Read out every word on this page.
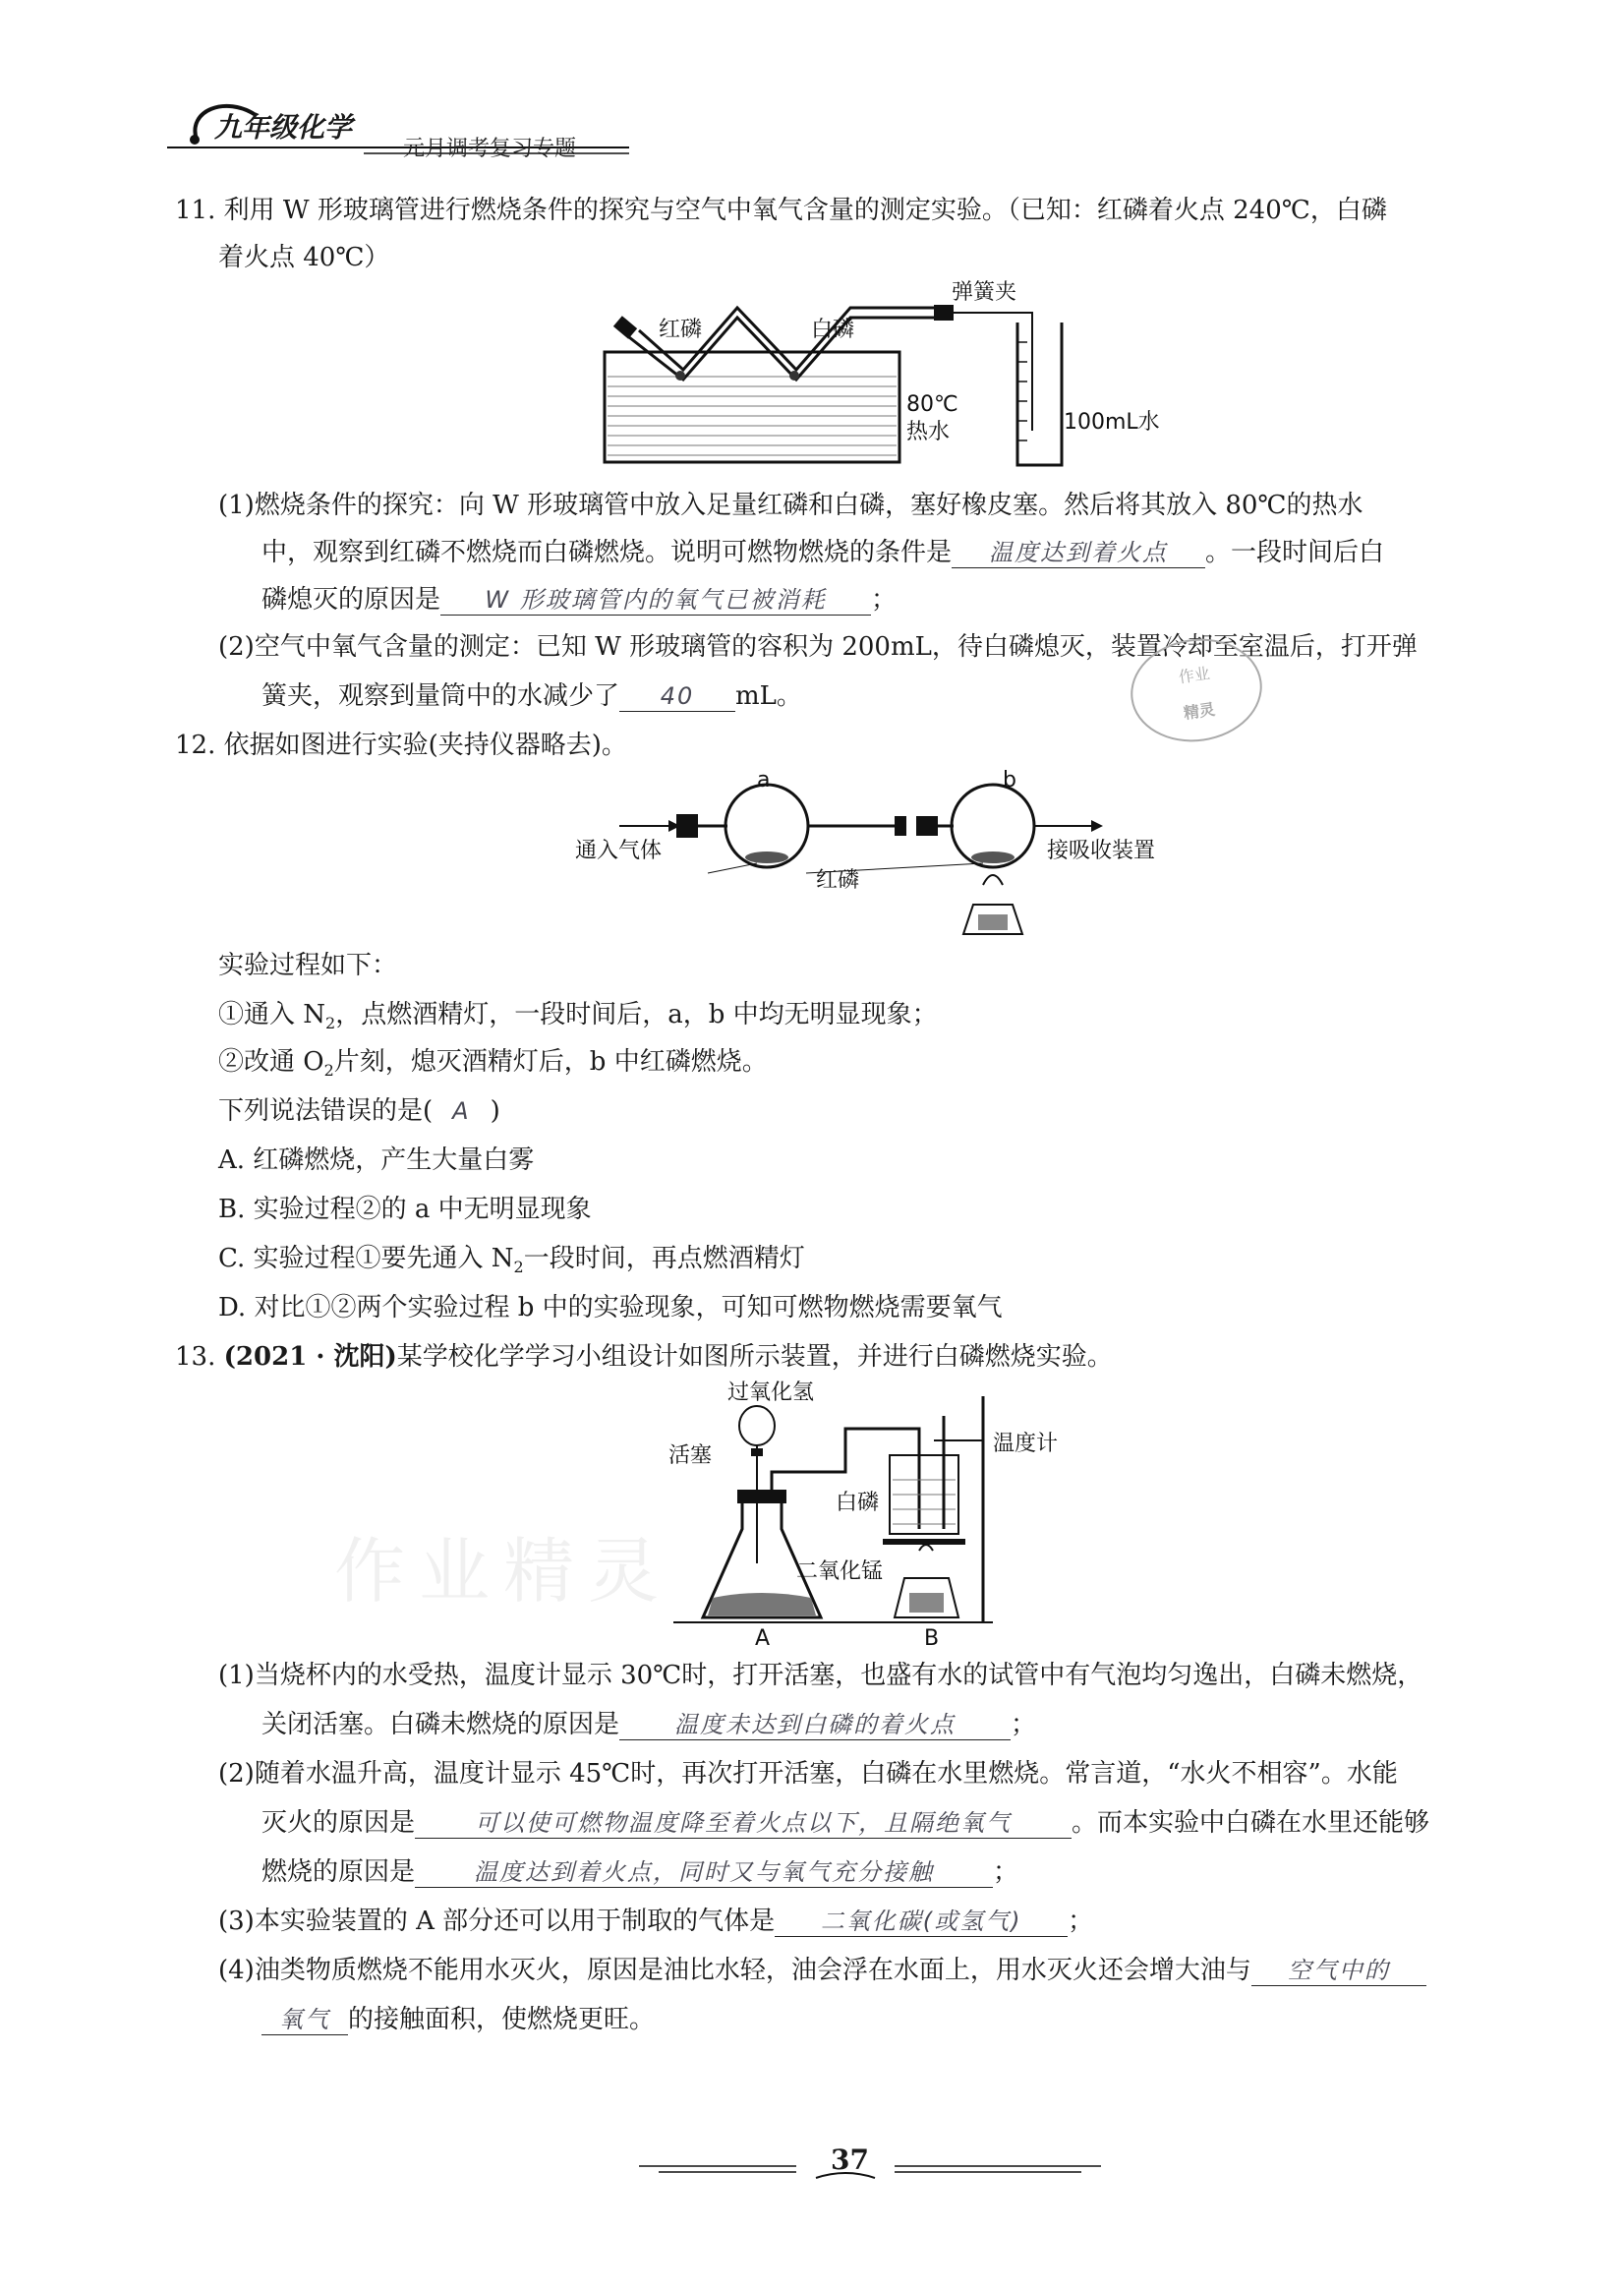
九年级化学
元月调考复习专题
11. 利用 W 形玻璃管进行燃烧条件的探究与空气中氧气含量的测定实验。（已知：红磷着火点 240℃，白磷
着火点 40℃）
红磷	白磷
弹簧夹
80℃
热水	100mL水
(1)燃烧条件的探究：向 W 形玻璃管中放入足量红磷和白磷，塞好橡皮塞。然后将其放入 80℃的热水
中，观察到红磷不燃烧而白磷燃烧。说明可燃物燃烧的条件是 温度达到着火点 。一段时间后白
磷熄灭的原因是 W 形玻璃管内的氧气已被消耗 ；
(2)空气中氧气含量的测定：已知 W 形玻璃管的容积为 200mL，待白磷熄灭，装置冷却至室温后，打开弹
簧夹，观察到量筒中的水减少了 40 mL。
作业
精灵
12. 依据如图进行实验(夹持仪器略去)。
a	b
通入气体	接吸收装置
红磷
实验过程如下：
①通入 $N_2$，点燃酒精灯，一段时间后，a，b 中均无明显现象；
②改通 $O_2$片刻，熄灭酒精灯后，b 中红磷燃烧。
下列说法错误的是( A )
A. 红磷燃烧，产生大量白雾
B. 实验过程②的 a 中无明显现象
C. 实验过程①要先通入 $N_2$一段时间，再点燃酒精灯
D. 对比①②两个实验过程 b 中的实验现象，可知可燃物燃烧需要氧气
13. (2021 · 沈阳)某学校化学学习小组设计如图所示装置，并进行白磷燃烧实验。
过氧化氢
活塞
白磷
温度计
二氧化锰
A	B
作业精灵
(1)当烧杯内的水受热，温度计显示 30℃时，打开活塞，也盛有水的试管中有气泡均匀逸出，白磷未燃烧，
关闭活塞。白磷未燃烧的原因是 温度未达到白磷的着火点 ；
(2)随着水温升高，温度计显示 45℃时，再次打开活塞，白磷在水里燃烧。常言道，“水火不相容”。水能
灭火的原因是	可以使可燃物温度降至着火点以下，且隔绝氧气 。而本实验中白磷在水里还能够
燃烧的原因是	温度达到着火点，同时又与氧气充分接触 ；
(3)本实验装置的 A 部分还可以用于制取的气体是 二氧化碳(或氢气) ；
(4)油类物质燃烧不能用水灭火，原因是油比水轻，油会浮在水面上，用水灭火还会增大油与 空气中的
氧气 的接触面积，使燃烧更旺。
37
